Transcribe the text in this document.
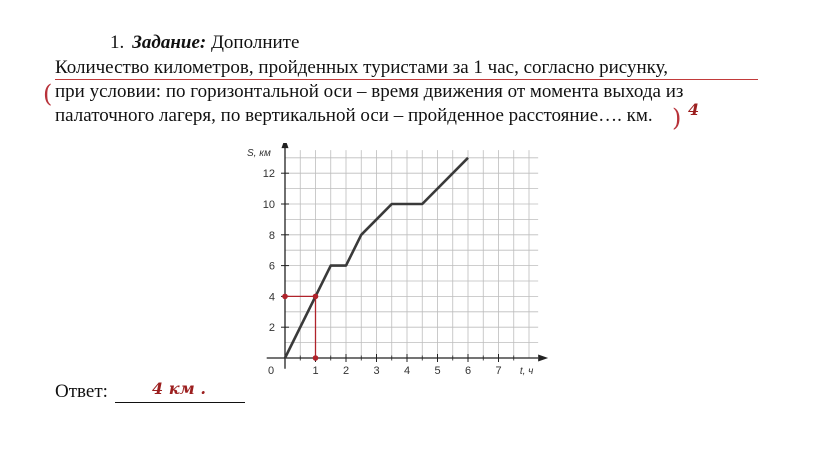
1. Задание: Дополните
Количество километров, пройденных туристами за 1 час, согласно рисунку,
при условии: по горизонтальной оси – время движения от момента выхода из
палаточного лагеря, по вертикальной оси – пройденное расстояние…. км.
(
) 4
0	1 2 3 4 5 6 7
2
4
6
8
10
12
S, км
t, ч
Ответ:	4 км .
